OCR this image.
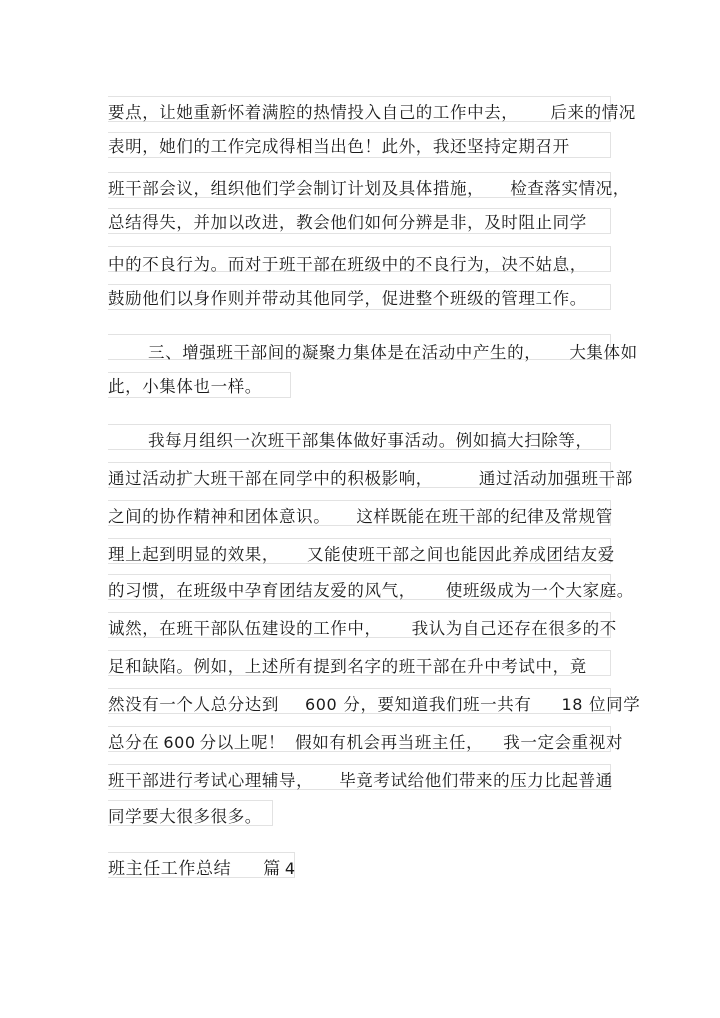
要点，让她重新怀着满腔的热情投入自己的工作中去， 后来的情况
表明，她们的工作完成得相当出色！此外，我还坚持定期召开
班干部会议，组织他们学会制订计划及具体措施， 检查落实情况，
总结得失，并加以改进，教会他们如何分辨是非，及时阻止同学
中的不良行为。而对于班干部在班级中的不良行为，决不姑息，
鼓励他们以身作则并带动其他同学，促进整个班级的管理工作。
三、增强班干部间的凝聚力集体是在活动中产生的， 大集体如
此，小集体也一样。
我每月组织一次班干部集体做好事活动。例如搞大扫除等，
通过活动扩大班干部在同学中的积极影响，	通过活动加强班干部
之间的协作精神和团体意识。 这样既能在班干部的纪律及常规管
理上起到明显的效果， 又能使班干部之间也能因此养成团结友爱
的习惯，在班级中孕育团结友爱的风气， 使班级成为一个大家庭。
诚然，在班干部队伍建设的工作中， 我认为自己还存在很多的不
足和缺陷。例如，上述所有提到名字的班干部在升中考试中，竟
然没有一个人总分达到 600 分，要知道我们班一共有 18 位同学
总分在 600 分以上呢！ 假如有机会再当班主任， 我一定会重视对
班干部进行考试心理辅导， 毕竟考试给他们带来的压力比起普通
同学要大很多很多。
班主任工作总结 篇 4
